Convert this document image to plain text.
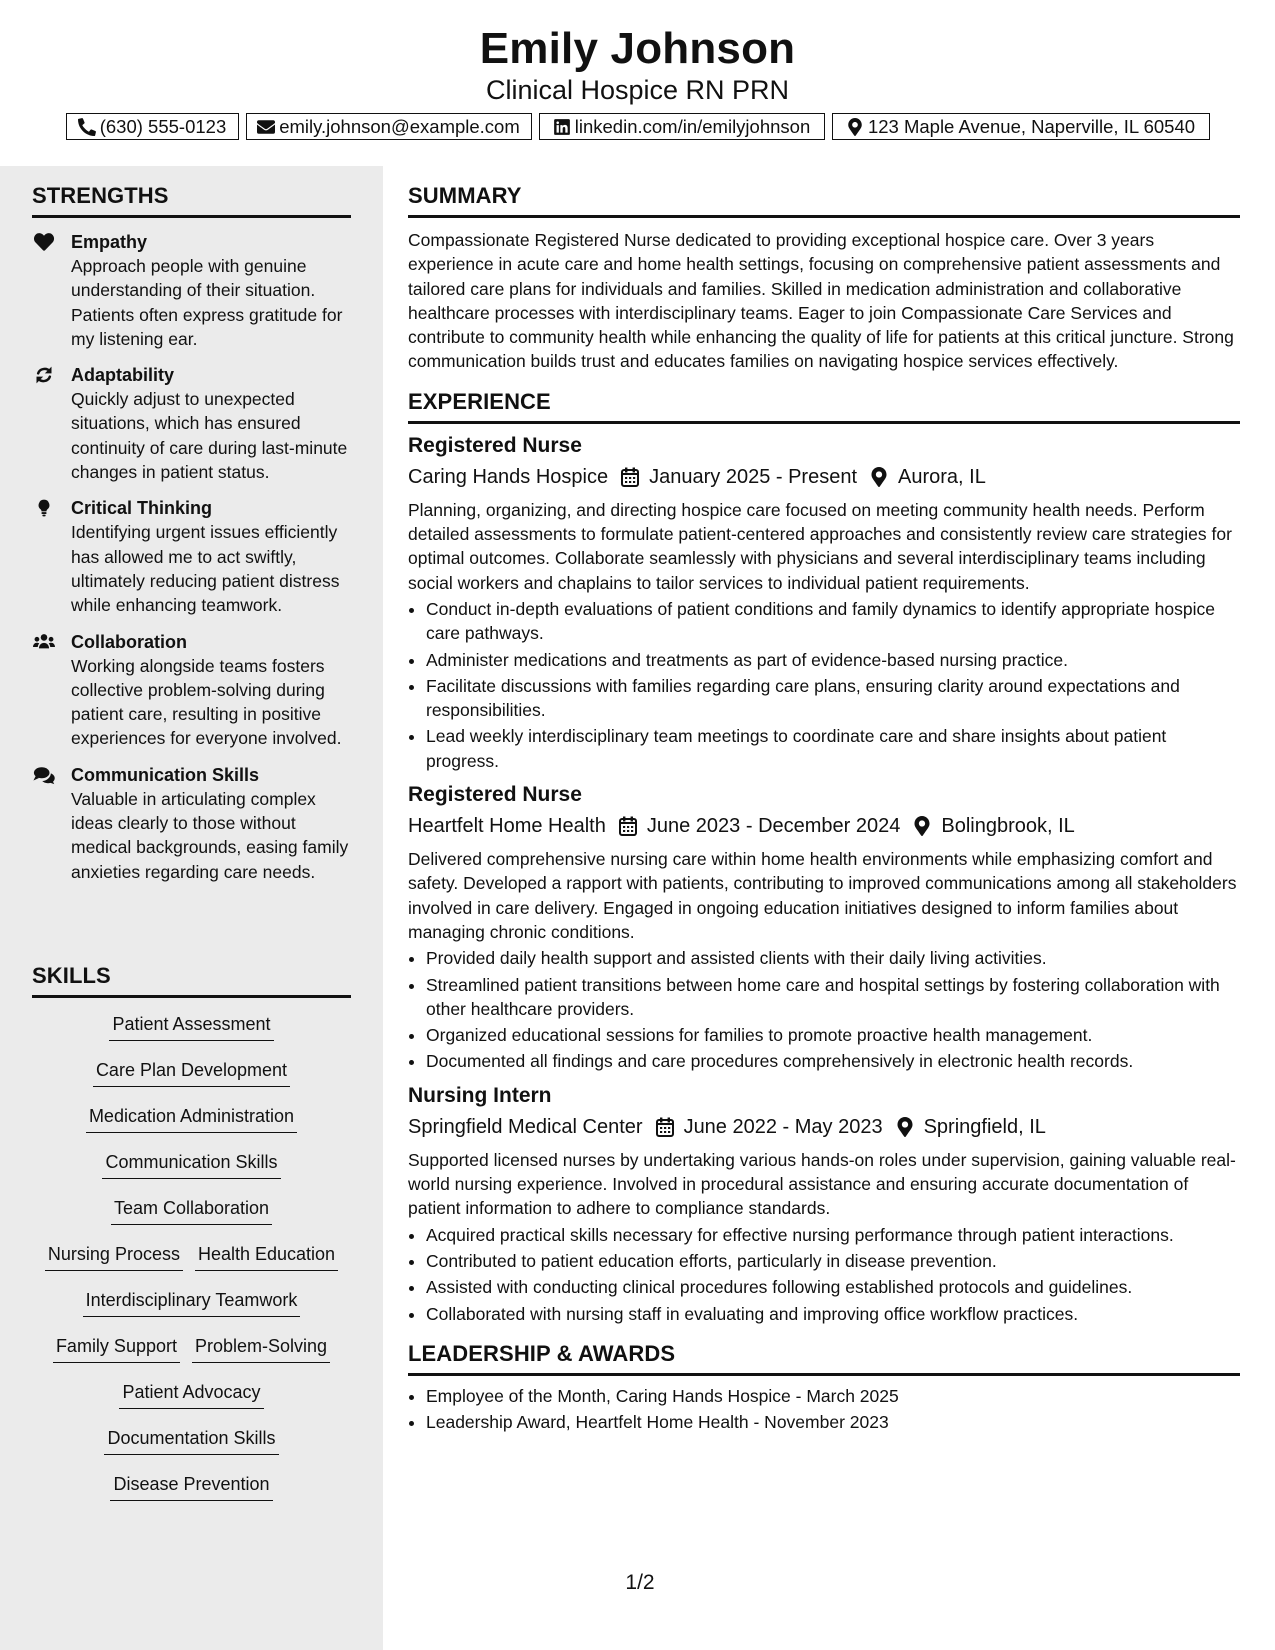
Emily Johnson
Clinical Hospice RN PRN
(630) 555-0123	emily.johnson@example.com	linkedin.com/in/emilyjohnson	123 Maple Avenue, Naperville, IL 60540
STRENGTHS
Empathy
Approach people with genuine understanding of their situation. Patients often express gratitude for my listening ear.
Adaptability
Quickly adjust to unexpected situations, which has ensured continuity of care during last-minute changes in patient status.
Critical Thinking
Identifying urgent issues efficiently has allowed me to act swiftly, ultimately reducing patient distress while enhancing teamwork.
Collaboration
Working alongside teams fosters collective problem-solving during patient care, resulting in positive experiences for everyone involved.
Communication Skills
Valuable in articulating complex ideas clearly to those without medical backgrounds, easing family anxieties regarding care needs.
SKILLS
Patient Assessment
Care Plan Development
Medication Administration
Communication Skills
Team Collaboration
Nursing Process Health Education
Interdisciplinary Teamwork
Family Support Problem-Solving
Patient Advocacy
Documentation Skills
Disease Prevention
SUMMARY
Compassionate Registered Nurse dedicated to providing exceptional hospice care. Over 3 years experience in acute care and home health settings, focusing on comprehensive patient assessments and tailored care plans for individuals and families. Skilled in medication administration and collaborative healthcare processes with interdisciplinary teams. Eager to join Compassionate Care Services and contribute to community health while enhancing the quality of life for patients at this critical juncture. Strong communication builds trust and educates families on navigating hospice services effectively.
EXPERIENCE
Registered Nurse
Caring Hands Hospice January 2025 - Present Aurora, IL
Planning, organizing, and directing hospice care focused on meeting community health needs. Perform detailed assessments to formulate patient-centered approaches and consistently review care strategies for optimal outcomes. Collaborate seamlessly with physicians and several interdisciplinary teams including social workers and chaplains to tailor services to individual patient requirements.
• Conduct in-depth evaluations of patient conditions and family dynamics to identify appropriate hospice care pathways.
• Administer medications and treatments as part of evidence-based nursing practice.
• Facilitate discussions with families regarding care plans, ensuring clarity around expectations and responsibilities.
• Lead weekly interdisciplinary team meetings to coordinate care and share insights about patient progress.
Registered Nurse
Heartfelt Home Health June 2023 - December 2024 Bolingbrook, IL
Delivered comprehensive nursing care within home health environments while emphasizing comfort and safety. Developed a rapport with patients, contributing to improved communications among all stakeholders involved in care delivery. Engaged in ongoing education initiatives designed to inform families about managing chronic conditions.
• Provided daily health support and assisted clients with their daily living activities.
• Streamlined patient transitions between home care and hospital settings by fostering collaboration with other healthcare providers.
• Organized educational sessions for families to promote proactive health management.
• Documented all findings and care procedures comprehensively in electronic health records.
Nursing Intern
Springfield Medical Center June 2022 - May 2023 Springfield, IL
Supported licensed nurses by undertaking various hands-on roles under supervision, gaining valuable real-world nursing experience. Involved in procedural assistance and ensuring accurate documentation of patient information to adhere to compliance standards.
• Acquired practical skills necessary for effective nursing performance through patient interactions.
• Contributed to patient education efforts, particularly in disease prevention.
• Assisted with conducting clinical procedures following established protocols and guidelines.
• Collaborated with nursing staff in evaluating and improving office workflow practices.
LEADERSHIP & AWARDS
• Employee of the Month, Caring Hands Hospice - March 2025
• Leadership Award, Heartfelt Home Health - November 2023
1/2
